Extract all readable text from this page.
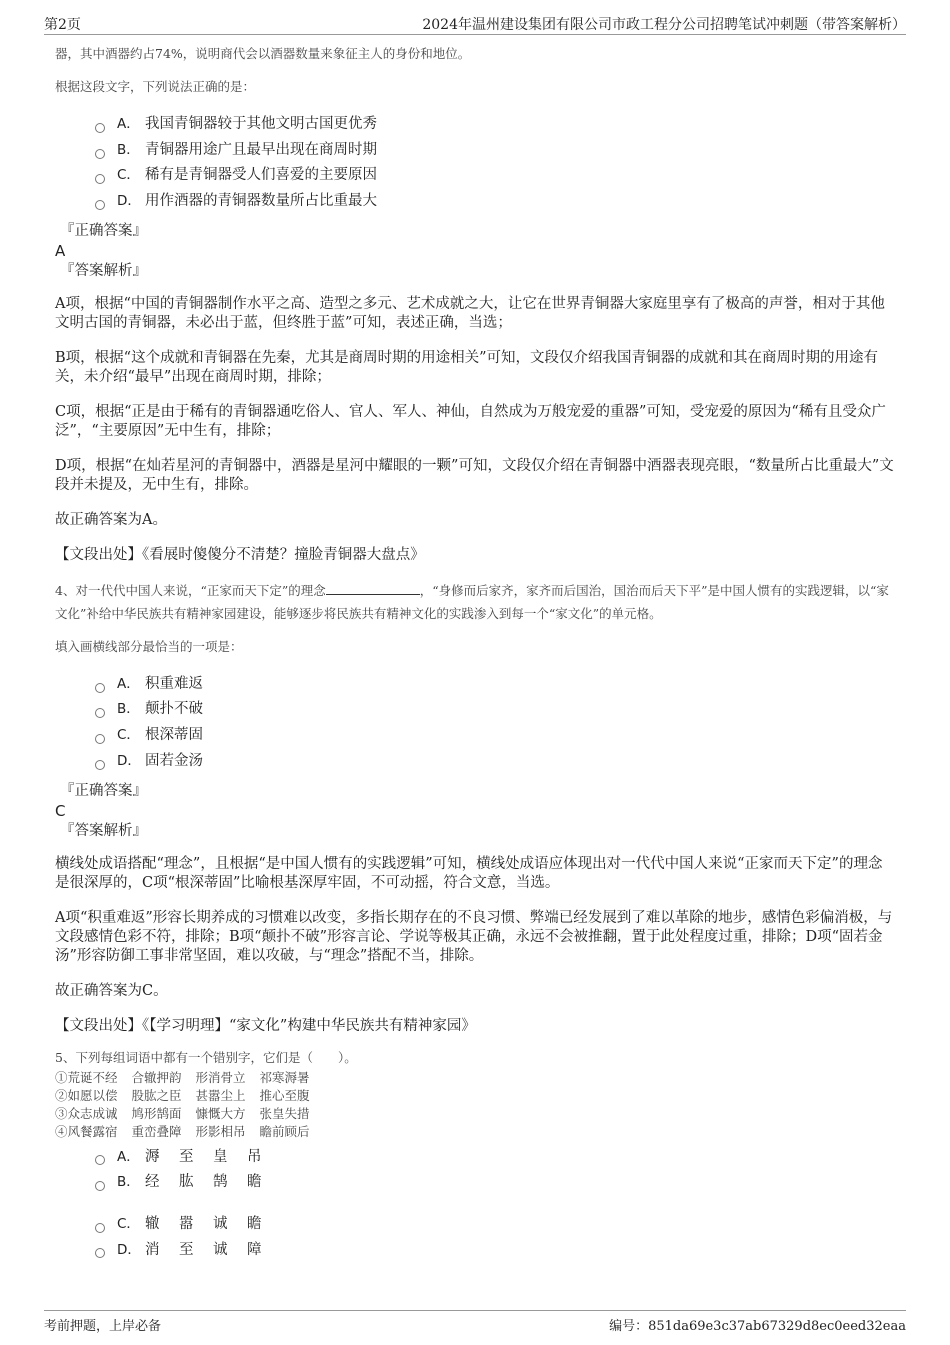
第2页	2024年温州建设集团有限公司市政工程分公司招聘笔试冲刺题（带答案解析）

器，其中酒器约占74%，说明商代会以酒器数量来象征主人的身份和地位。

根据这段文字，下列说法正确的是：

A． 我国青铜器较于其他文明古国更优秀
B． 青铜器用途广且最早出现在商周时期
C． 稀有是青铜器受人们喜爱的主要原因
D． 用作酒器的青铜器数量所占比重最大

『正确答案』

A

『答案解析』

A项，根据“中国的青铜器制作水平之高、造型之多元、艺术成就之大，让它在世界青铜器大家庭里享有了极高的声誉，相对于其他文明古国的青铜器，未必出于蓝，但终胜于蓝”可知，表述正确，当选；

B项，根据“这个成就和青铜器在先秦，尤其是商周时期的用途相关”可知，文段仅介绍我国青铜器的成就和其在商周时期的用途有关，未介绍“最早”出现在商周时期，排除；

C项，根据“正是由于稀有的青铜器通吃俗人、官人、军人、神仙，自然成为万般宠爱的重器”可知，受宠爱的原因为“稀有且受众广泛”，“主要原因”无中生有，排除；

D项，根据“在灿若星河的青铜器中，酒器是星河中耀眼的一颗”可知，文段仅介绍在青铜器中酒器表现亮眼，“数量所占比重最大”文段并未提及，无中生有，排除。

故正确答案为A。

【文段出处】《看展时傻傻分不清楚？撞脸青铜器大盘点》

4、对一代代中国人来说，“正家而天下定”的理念	，“身修而后家齐，家齐而后国治，国治而后天下平”是中国人惯有的实践逻辑，以“家文化”补给中华民族共有精神家园建设，能够逐步将民族共有精神文化的实践渗入到每一个“家文化”的单元格。

填入画横线部分最恰当的一项是：

A． 积重难返
B． 颠扑不破
C． 根深蒂固
D． 固若金汤

『正确答案』

C

『答案解析』

横线处成语搭配“理念”，且根据“是中国人惯有的实践逻辑”可知，横线处成语应体现出对一代代中国人来说“正家而天下定”的理念是很深厚的，C项“根深蒂固”比喻根基深厚牢固，不可动摇，符合文意，当选。

A项“积重难返”形容长期养成的习惯难以改变，多指长期存在的不良习惯、弊端已经发展到了难以革除的地步，感情色彩偏消极，与文段感情色彩不符，排除；B项“颠扑不破”形容言论、学说等极其正确，永远不会被推翻，置于此处程度过重，排除；D项“固若金汤”形容防御工事非常坚固，难以攻破，与“理念”搭配不当，排除。

故正确答案为C。

【文段出处】《【学习明理】“家文化”构建中华民族共有精神家园》

5、下列每组词语中都有一个错别字，它们是（　　）。

①荒诞不经 合辙押韵 形消骨立 祁寒溽暑

②如愿以偿 股肱之臣 甚嚣尘上 推心至腹

③众志成诚 鸠形鹄面 慷慨大方 张皇失措

④风餐露宿 重峦叠障 形影相吊 瞻前顾后

A． 溽	至	皇	吊
B． 经	肱	鹄	瞻
C． 辙	嚣	诚	瞻
D． 消	至	诚	障
考前押题，上岸必备	编号：851da69e3c37ab67329d8ec0eed32eaa
